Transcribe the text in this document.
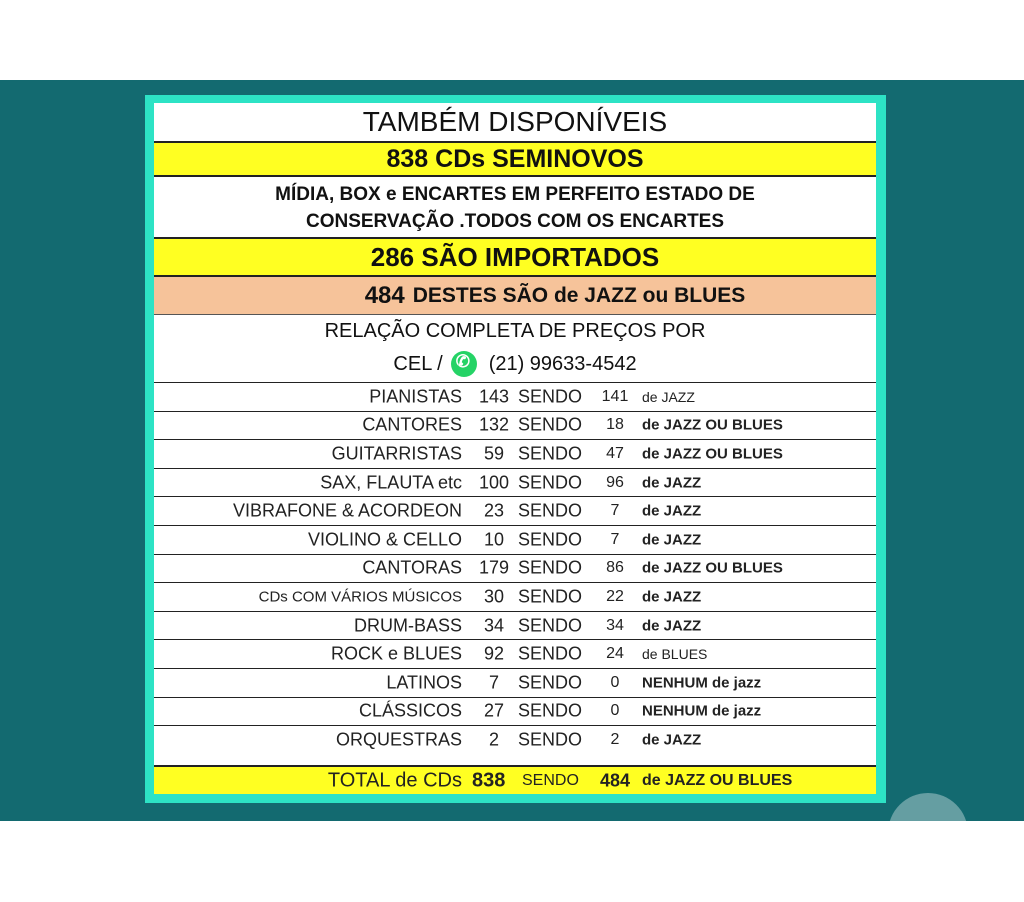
TAMBÉM DISPONÍVEIS
838 CDs SEMINOVOS
MÍDIA, BOX e ENCARTES EM PERFEITO ESTADO DE
CONSERVAÇÃO .TODOS COM OS ENCARTES
286 SÃO IMPORTADOS
484 DESTES SÃO de JAZZ ou BLUES
RELAÇÃO COMPLETA DE PREÇOS POR
CEL /
✆ (21) 99633-4542
PIANISTAS 143 SENDO 141 de JAZZ
CANTORES 132 SENDO	18	de JAZZ OU BLUES
GUITARRISTAS	59 SENDO	47	de JAZZ OU BLUES
SAX, FLAUTA etc 100 SENDO	96	de JAZZ
VIBRAFONE & ACORDEON	23 SENDO	7	de JAZZ
VIOLINO & CELLO	10 SENDO	7	de JAZZ
CANTORAS 179 SENDO	86	de JAZZ OU BLUES
CDs COM VÁRIOS MÚSICOS	30 SENDO	22	de JAZZ
DRUM-BASS	34 SENDO	34	de JAZZ
ROCK e BLUES	92 SENDO	24	de BLUES
LATINOS	7	SENDO	0	NENHUM de jazz
CLÁSSICOS	27 SENDO	0	NENHUM de jazz
ORQUESTRAS	2	SENDO	2	de JAZZ
TOTAL de CDs 838 SENDO 484 de JAZZ OU BLUES
